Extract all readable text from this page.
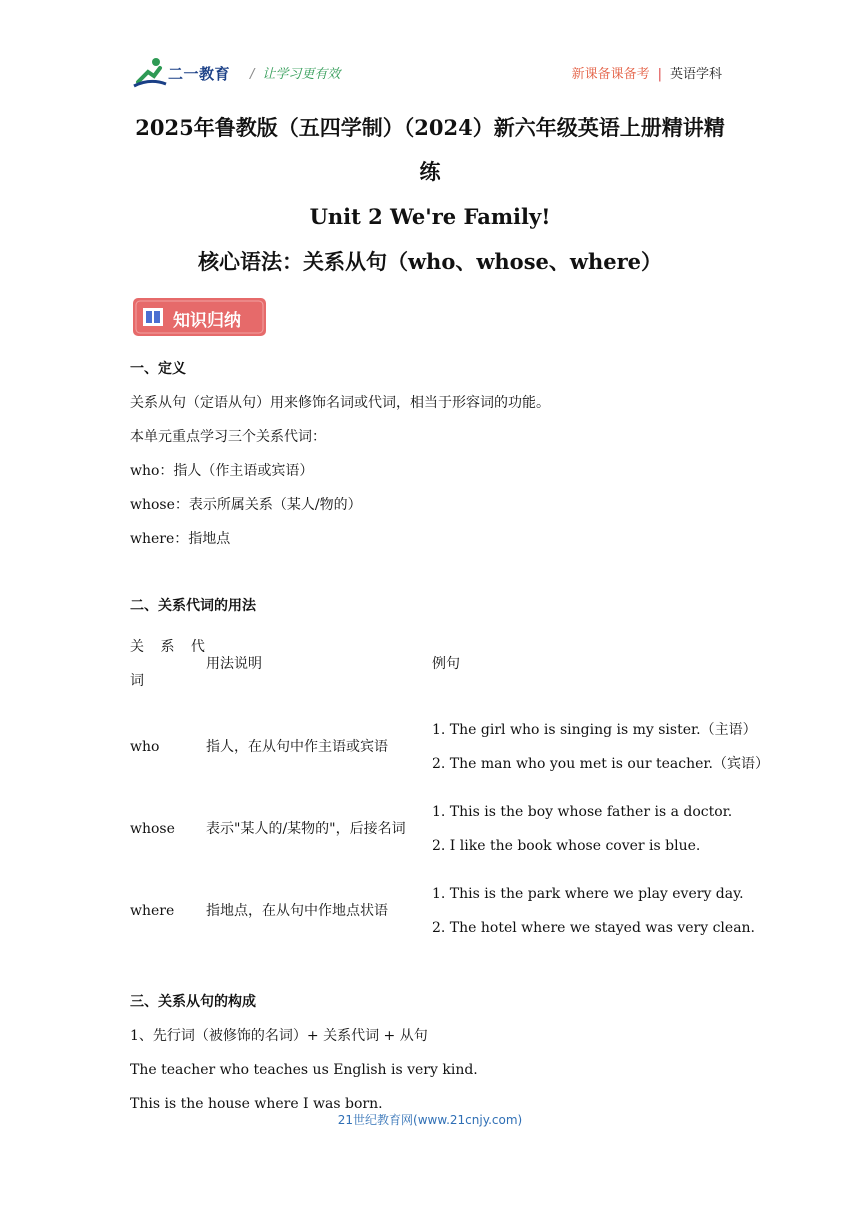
二一教育 / 让学习更有效	新课备课备考 | 英语学科
2025年鲁教版（五四学制）（2024）新六年级英语上册精讲精
练
Unit 2 We're Family!
核心语法：关系从句（who、whose、where）
知识归纳
一、定义
关系从句（定语从句）用来修饰名词或代词，相当于形容词的功能。
本单元重点学习三个关系代词：
who：指人（作主语或宾语）
whose：表示所属关系（某人/物的）
where：指地点
二、关系代词的用法
关 系 代
词
用法说明	例句
who	指人，在从句中作主语或宾语
1. The girl who is singing is my sister.（主语）
2. The man who you met is our teacher.（宾语）
whose 表示"某人的/某物的"，后接名词
1. This is the boy whose father is a doctor.
2. I like the book whose cover is blue.
where 指地点，在从句中作地点状语
1. This is the park where we play every day.
2. The hotel where we stayed was very clean.
三、关系从句的构成
1、先行词（被修饰的名词）+ 关系代词 + 从句
The teacher who teaches us English is very kind.
This is the house where I was born.
21世纪教育网(www.21cnjy.com)
